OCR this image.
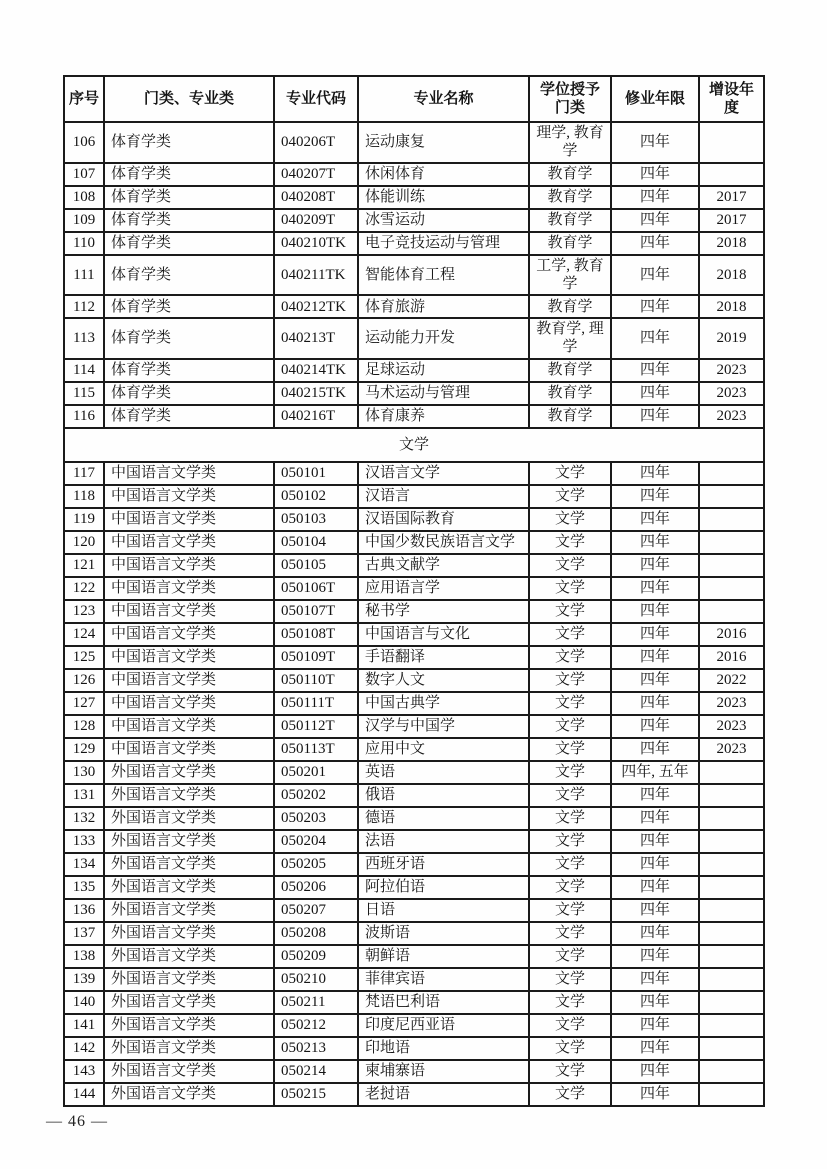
序号	门类、专业类	专业代码	专业名称	学位授予门类	修业年限	增设年度
106	体育学类	040206T	运动康复	理学, 教育学	四年	
107	体育学类	040207T	休闲体育	教育学	四年	
108	体育学类	040208T	体能训练	教育学	四年	2017
109	体育学类	040209T	冰雪运动	教育学	四年	2017
110	体育学类	040210TK	电子竞技运动与管理	教育学	四年	2018
111	体育学类	040211TK	智能体育工程	工学, 教育学	四年	2018
112	体育学类	040212TK	体育旅游	教育学	四年	2018
113	体育学类	040213T	运动能力开发	教育学, 理学	四年	2019
114	体育学类	040214TK	足球运动	教育学	四年	2023
115	体育学类	040215TK	马术运动与管理	教育学	四年	2023
116	体育学类	040216T	体育康养	教育学	四年	2023
文学						
117	中国语言文学类	050101	汉语言文学	文学	四年	
118	中国语言文学类	050102	汉语言	文学	四年	
119	中国语言文学类	050103	汉语国际教育	文学	四年	
120	中国语言文学类	050104	中国少数民族语言文学	文学	四年	
121	中国语言文学类	050105	古典文献学	文学	四年	
122	中国语言文学类	050106T	应用语言学	文学	四年	
123	中国语言文学类	050107T	秘书学	文学	四年	
124	中国语言文学类	050108T	中国语言与文化	文学	四年	2016
125	中国语言文学类	050109T	手语翻译	文学	四年	2016
126	中国语言文学类	050110T	数字人文	文学	四年	2022
127	中国语言文学类	050111T	中国古典学	文学	四年	2023
128	中国语言文学类	050112T	汉学与中国学	文学	四年	2023
129	中国语言文学类	050113T	应用中文	文学	四年	2023
130	外国语言文学类	050201	英语	文学	四年, 五年	
131	外国语言文学类	050202	俄语	文学	四年	
132	外国语言文学类	050203	德语	文学	四年	
133	外国语言文学类	050204	法语	文学	四年	
134	外国语言文学类	050205	西班牙语	文学	四年	
135	外国语言文学类	050206	阿拉伯语	文学	四年	
136	外国语言文学类	050207	日语	文学	四年	
137	外国语言文学类	050208	波斯语	文学	四年	
138	外国语言文学类	050209	朝鲜语	文学	四年	
139	外国语言文学类	050210	菲律宾语	文学	四年	
140	外国语言文学类	050211	梵语巴利语	文学	四年	
141	外国语言文学类	050212	印度尼西亚语	文学	四年	
142	外国语言文学类	050213	印地语	文学	四年	
143	外国语言文学类	050214	柬埔寨语	文学	四年	
144	外国语言文学类	050215	老挝语	文学	四年	
— 46 —
